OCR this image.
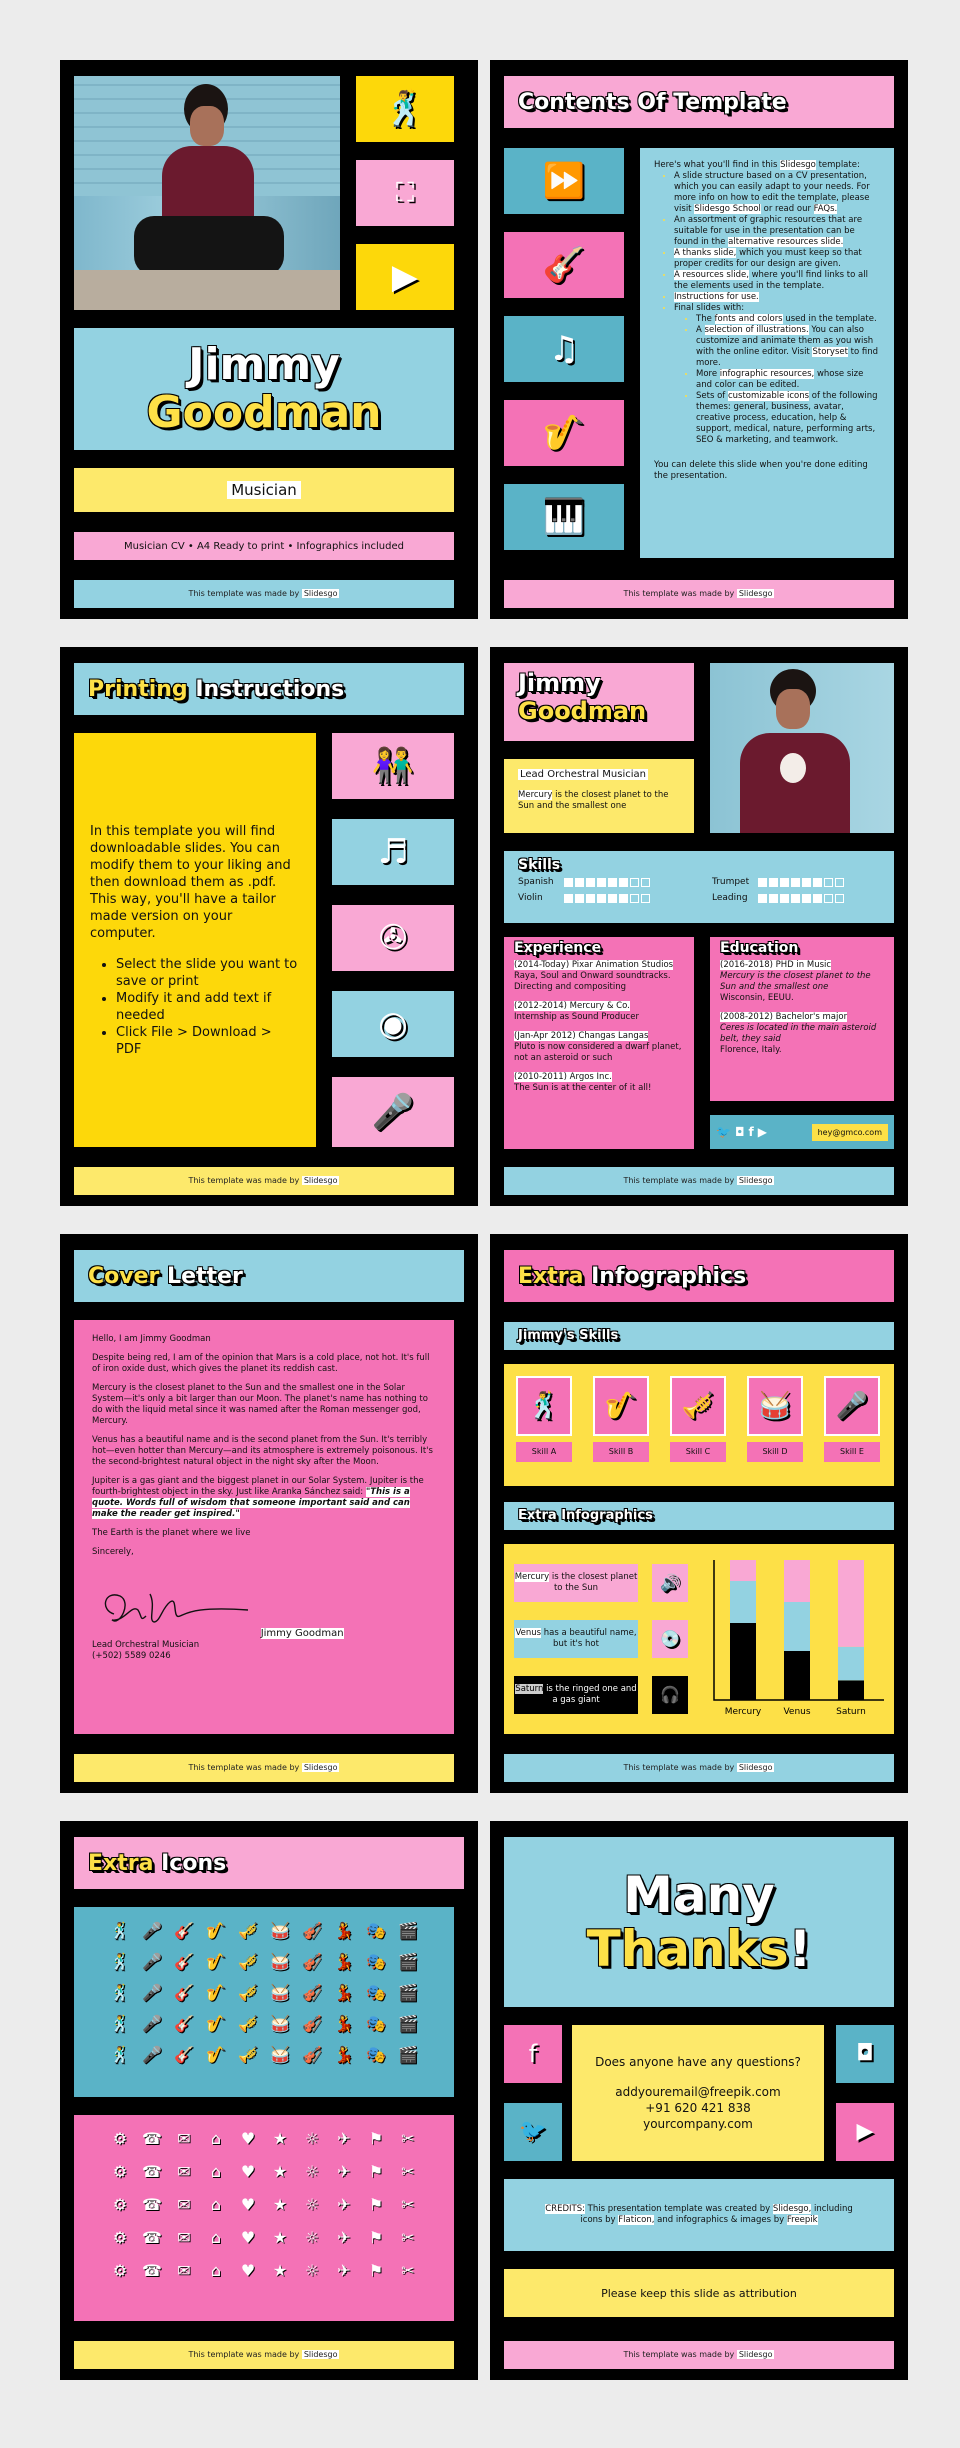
🕺
⛶
▶
Jimmy
Goodman
Musician
Musician CV • A4 Ready to print • Infographics included
This template was made by Slidesgo
Contents Of Template
⏩
🎸
♫
🎷
🎹

Here's what you'll find in this Slidesgo template:

• A slide structure based on a CV presentation, which you can easily adapt to your needs. For more info on how to edit the template, please visit Slidesgo School or read our FAQs.
• An assortment of graphic resources that are suitable for use in the presentation can be found in the alternative resources slide.
• A thanks slide, which you must keep so that proper credits for our design are given.
• A resources slide, where you'll find links to all the elements used in the template.
• Instructions for use.
• Final slides with:
• The fonts and colors used in the template.
• A selection of illustrations. You can also customize and animate them as you wish with the online editor. Visit Storyset to find more.
• More infographic resources, whose size and color can be edited.
• Sets of customizable icons of the following themes: general, business, avatar, creative process, education, help & support, medical, nature, performing arts, SEO & marketing, and teamwork.

You can delete this slide when you're done editing the presentation.

This template was made by Slidesgo
Printing
Instructions

In this template you will find downloadable slides. You can modify them to your liking and then download them as .pdf. This way, you'll have a tailor made version on your computer.

• Select the slide you want to save or print
• Modify it and add text if needed
• Click File > Download > PDF
👫
♬
✇
◉
🎤
This template was made by Slidesgo
Jimmy
Goodman
Lead Orchestral Musician
Mercury is the closest planet to the Sun and the smallest one
Skills
Spanish	Trumpet
Violin	Leading
Experience
(2014-Today) Pixar Animation Studios
Raya, Soul and Onward soundtracks. Directing and compositing
(2012-2014) Mercury & Co.
Internship as Sound Producer
(Jan-Apr 2012) Changas Langas
Pluto is now considered a dwarf planet, not an asteroid or such
(2010-2011) Argos Inc.
The Sun is at the center of it all!
Education
(2016-2018) PHD in Music
Mercury is the closest planet to the Sun and the smallest one
Wisconsin, EEUU.
(2008-2012) Bachelor's major
Ceres is located in the main asteroid belt, they said
Florence, Italy.
🐦 ◘ f ▶	hey@gmco.com
This template was made by Slidesgo
Cover
Letter

Hello, I am Jimmy Goodman

Despite being red, I am of the opinion that Mars is a cold place, not hot. It's full of iron oxide dust, which gives the planet its reddish cast.

Mercury is the closest planet to the Sun and the smallest one in the Solar System—it's only a bit larger than our Moon. The planet's name has nothing to do with the liquid metal since it was named after the Roman messenger god, Mercury.

Venus has a beautiful name and is the second planet from the Sun. It's terribly hot—even hotter than Mercury—and its atmosphere is extremely poisonous. It's the second-brightest natural object in the night sky after the Moon.

Jupiter is a gas giant and the biggest planet in our Solar System. Jupiter is the fourth-brightest object in the sky. Just like Aranka Sánchez said: "This is a quote. Words full of wisdom that someone important said and can make the reader get inspired."

The Earth is the planet where we live

Sincerely,

Jimmy Goodman
Lead Orchestral Musician
(+502) 5589 0246
This template was made by Slidesgo
Extra
Infographics
Jimmy's Skills
🕺
Skill A
🎷
Skill B
🎺
Skill C
🥁
Skill D
🎤
Skill E
Extra Infographics
Mercury is the closest planet to the Sun	🔊
Venus has a beautiful name, but it's hot	💿
Saturn is the ringed one and a gas giant	🎧
Mercury Venus	Saturn
This template was made by Slidesgo
Extra
Icons
🕺 🎤 🎸 🎷 🎺 🥁 🎻 💃 🎭 🎬
🕺 🎤 🎸 🎷 🎺 🥁 🎻 💃 🎭 🎬
🕺 🎤 🎸 🎷 🎺 🥁 🎻 💃 🎭 🎬
🕺 🎤 🎸 🎷 🎺 🥁 🎻 💃 🎭 🎬
🕺 🎤 🎸 🎷 🎺 🥁 🎻 💃 🎭 🎬
⚙ ☎ ✉	⌂	♥	★	☼	✈	⚑	✂
⚙ ☎ ✉	⌂	♥	★	☼	✈	⚑	✂
⚙ ☎ ✉	⌂	♥	★	☼	✈	⚑	✂
⚙ ☎ ✉	⌂	♥	★	☼	✈	⚑	✂
⚙ ☎ ✉	⌂	♥	★	☼	✈	⚑	✂
This template was made by Slidesgo
Many
Thanks!
f
🐦
Does anyone have any questions?
addyouremail@freepik.com
+91 620 421 838
yourcompany.com
◘
▶
CREDITS: This presentation template was created by Slidesgo, including icons by Flaticon, and infographics & images by Freepik
Please keep this slide as attribution
This template was made by Slidesgo
